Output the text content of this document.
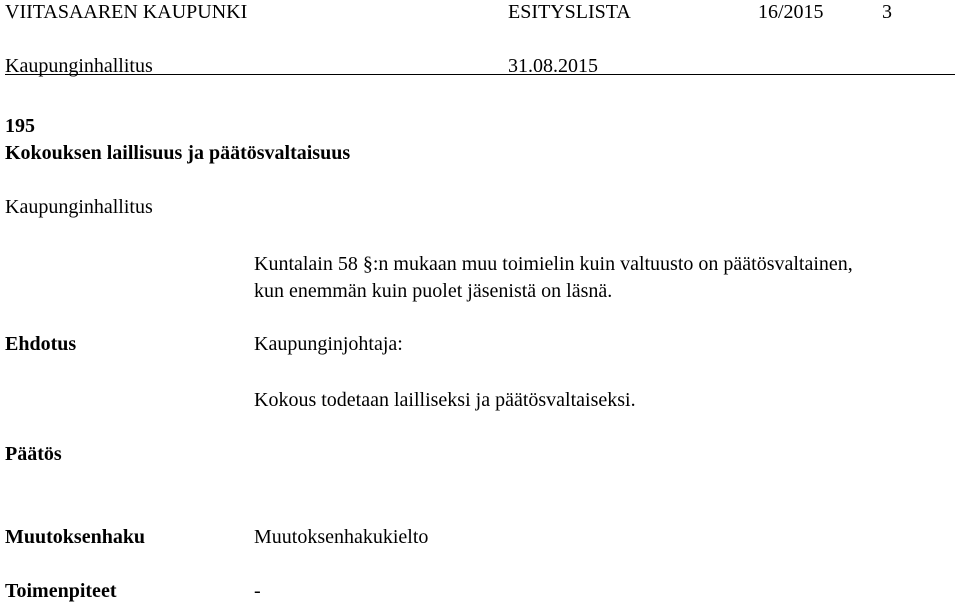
VIITASAAREN KAUPUNKI	ESITYSLISTA	16/2015	3
Kaupunginhallitus	31.08.2015
195
Kokouksen laillisuus ja päätösvaltaisuus
Kaupunginhallitus
Kuntalain 58 §:n mukaan muu toimielin kuin valtuusto on päätösvaltainen,
kun enemmän kuin puolet jäsenistä on läsnä.
Ehdotus	Kaupunginjohtaja:
Kokous todetaan lailliseksi ja päätösvaltaiseksi.
Päätös
Muutoksenhaku	Muutoksenhakukielto
Toimenpiteet	-
